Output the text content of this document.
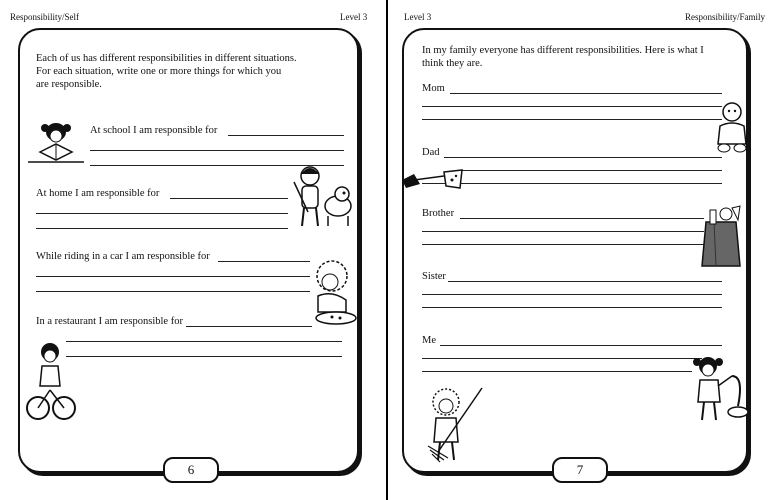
Responsibility/Self	Level 3	Level 3	Responsibility/Family
6
Each of us has different responsibilities in different situations.
For each situation, write one or more things for which you
are responsible.
At school I am responsible for
At home I am responsible for
While riding in a car I am responsible for
In a restaurant I am responsible for
7
In my family everyone has different responsibilities. Here is what I
think they are.
Mom
Dad
Brother
Sister
Me
